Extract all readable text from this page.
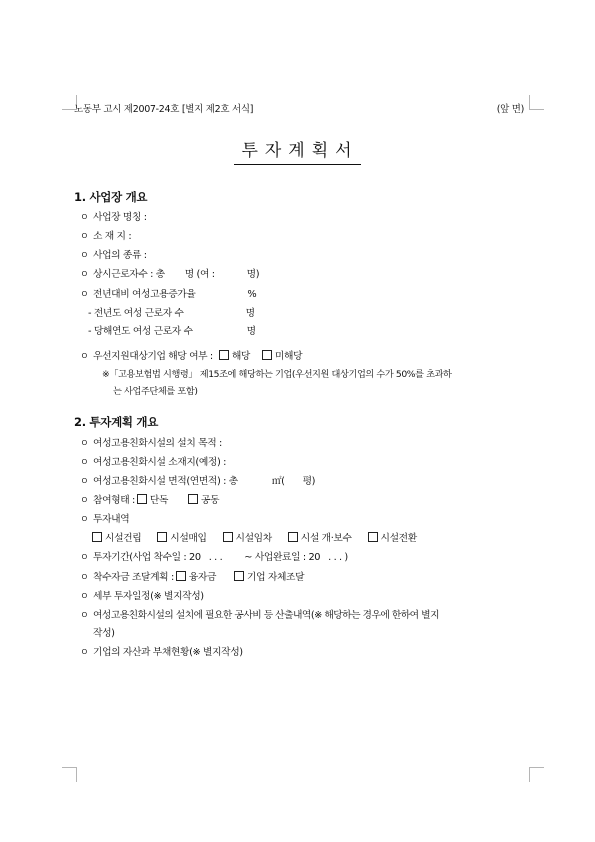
노동부 고시 제2007-24호 [별지 제2호 서식]	(앞 면)
투자계획서
1. 사업장 개요
ㅇ 사업장 명칭 :
ㅇ 소 재 지 :
ㅇ 사업의 종류 :
ㅇ 상시근로자수 : 총 명 (여 :	명)
ㅇ 전년대비 여성고용증가율	%
- 전년도 여성 근로자 수	명
- 당해연도 여성 근로자 수	명
ㅇ 우선지원대상기업 해당 여부 : 해당	미해당
※「고용보험법 시행령」 제15조에 해당하는 기업(우선지원 대상기업의 수가 50%를 초과하
는 사업주단체를 포함)
2. 투자계획 개요
ㅇ 여성고용친화시설의 설치 목적 :
ㅇ 여성고용친화시설 소재지(예정) :
ㅇ 여성고용친화시설 면적(연면적) : 총	㎡( 평)
ㅇ 참여형태 : 단독	공동
ㅇ 투자내역
시설건립	시설매입	시설임차	시설 개·보수	시설전환
ㅇ 투자기간(사업 착수일 : 20 . . . ~ 사업완료일 : 20 . . . )
ㅇ 착수자금 조달계획 : 융자금	기업 자체조달
ㅇ 세부 투자일정(※ 별지작성)
ㅇ 여성고용친화시설의 설치에 필요한 공사비 등 산출내역(※ 해당하는 경우에 한하여 별지
작성)
ㅇ 기업의 자산과 부채현황(※ 별지작성)
